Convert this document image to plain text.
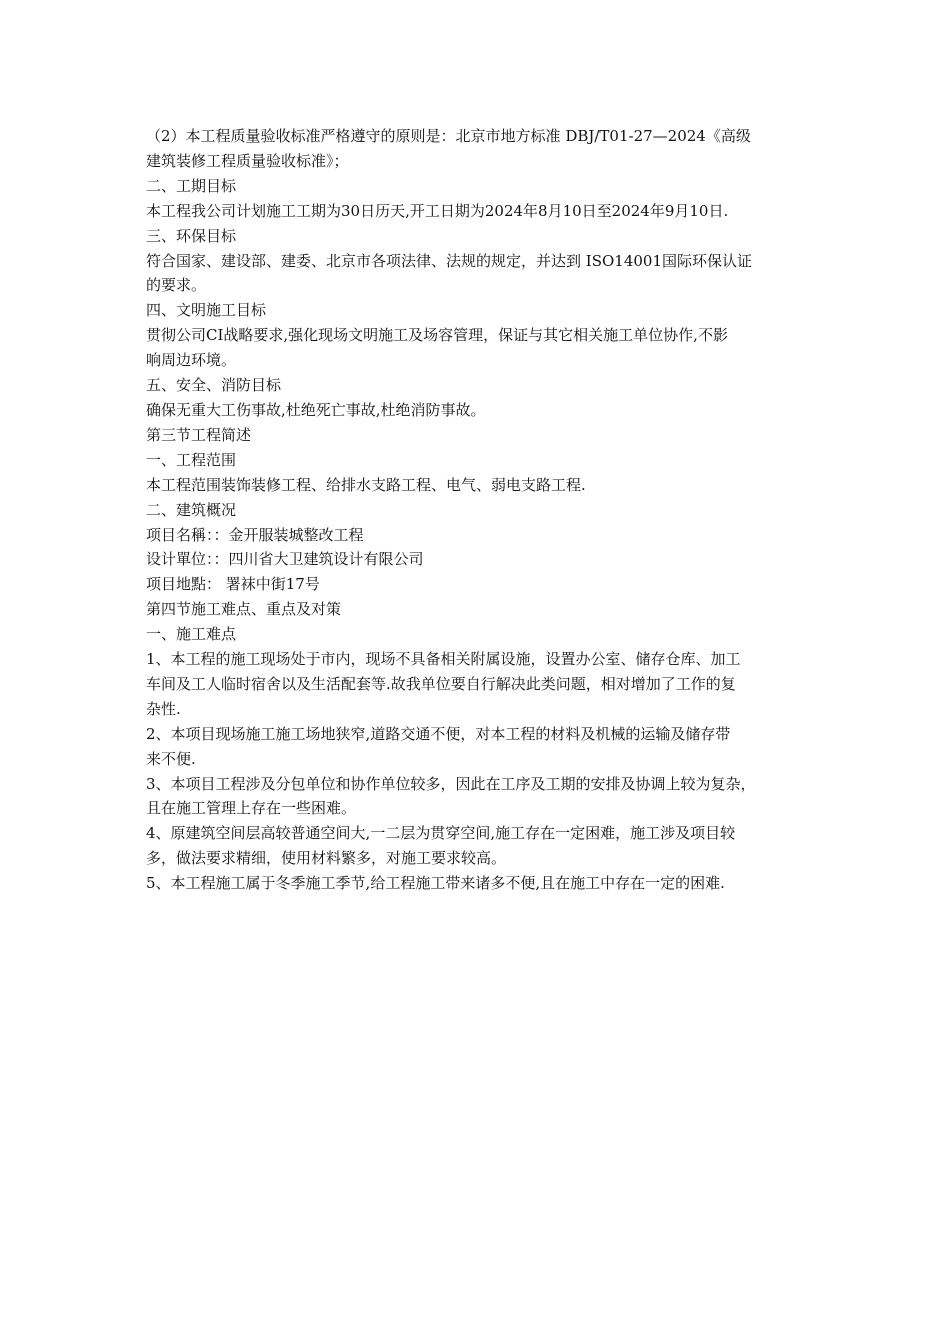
（2）本工程质量验收标准严格遵守的原则是：北京市地方标准 DBJ/T01-27—2024《高级
建筑装修工程质量验收标准》；
二、工期目标
本工程我公司计划施工工期为30日历天,开工日期为2024年8月10日至2024年9月10日.
三、环保目标
符合国家、建设部、建委、北京市各项法律、法规的规定，并达到 ISO14001国际环保认证
的要求。
四、文明施工目标
贯彻公司CI战略要求,强化现场文明施工及场容管理，保证与其它相关施工单位协作,不影
响周边环境。
五、安全、消防目标
确保无重大工伤事故,杜绝死亡事故,杜绝消防事故。
第三节工程简述
一、工程范围
本工程范围装饰装修工程、给排水支路工程、电气、弱电支路工程.
二、建筑概况
项目名稱：：金开服装城整改工程
设计單位：：四川省大卫建筑设计有限公司
项目地點： 署袜中街17号
第四节施工难点、重点及对策
一、施工难点
1、本工程的施工现场处于市内，现场不具备相关附属设施，设置办公室、储存仓库、加工
车间及工人临时宿舍以及生活配套等.故我单位要自行解决此类问题，相对增加了工作的复
杂性.
2、本项目现场施工施工场地狭窄,道路交通不便，对本工程的材料及机械的运输及储存带
来不便.
3、本项目工程涉及分包单位和协作单位较多，因此在工序及工期的安排及协调上较为复杂，
且在施工管理上存在一些困难。
4、原建筑空间层高较普通空间大,一二层为贯穿空间,施工存在一定困难，施工涉及项目较
多，做法要求精细，使用材料繁多，对施工要求较高。
5、本工程施工属于冬季施工季节,给工程施工带来诸多不便,且在施工中存在一定的困难.
